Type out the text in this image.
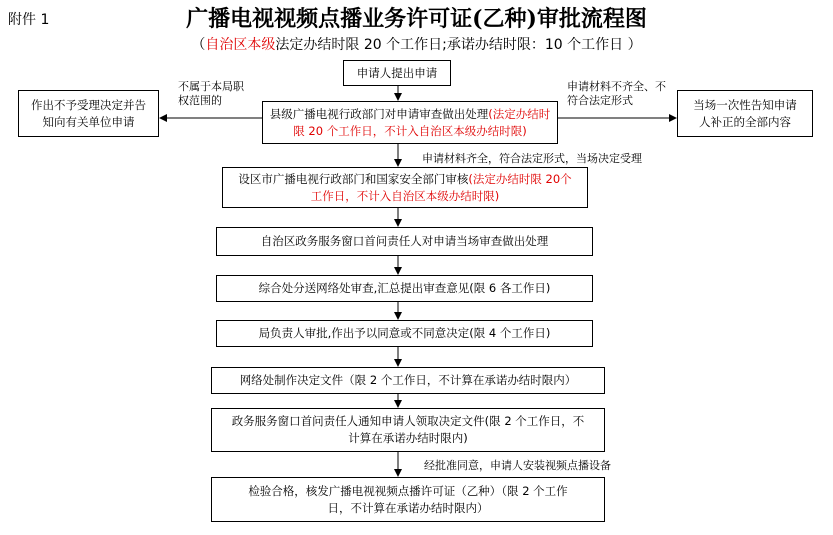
附件 1	广播电视视频点播业务许可证(乙种)审批流程图
（自治区本级法定办结时限 20 个工作日;承诺办结时限：10 个工作日 ）
申请人提出申请
县级广播电视行政部门对申请审查做出处理(法定办结时限 20 个工作日，不计入自治区本级办结时限)
作出不予受理决定并告知向有关单位申请
当场一次性告知申请人补正的全部内容
设区市广播电视行政部门和国家安全部门审核(法定办结时限 20个工作日，不计入自治区本级办结时限)
自治区政务服务窗口首问责任人对申请当场审查做出处理
综合处分送网络处审查,汇总提出审查意见(限 6 各工作日)
局负责人审批,作出予以同意或不同意决定(限 4 个工作日)
网络处制作决定文件（限 2 个工作日，不计算在承诺办结时限内）
政务服务窗口首问责任人通知申请人领取决定文件(限 2 个工作日，不计算在承诺办结时限内)
检验合格，核发广播电视视频点播许可证（乙种）（限 2 个工作日，不计算在承诺办结时限内）
不属于本局职权范围的
申请材料不齐全、不符合法定形式
申请材料齐全，符合法定形式，当场决定受理
经批准同意，申请人安装视频点播设备
